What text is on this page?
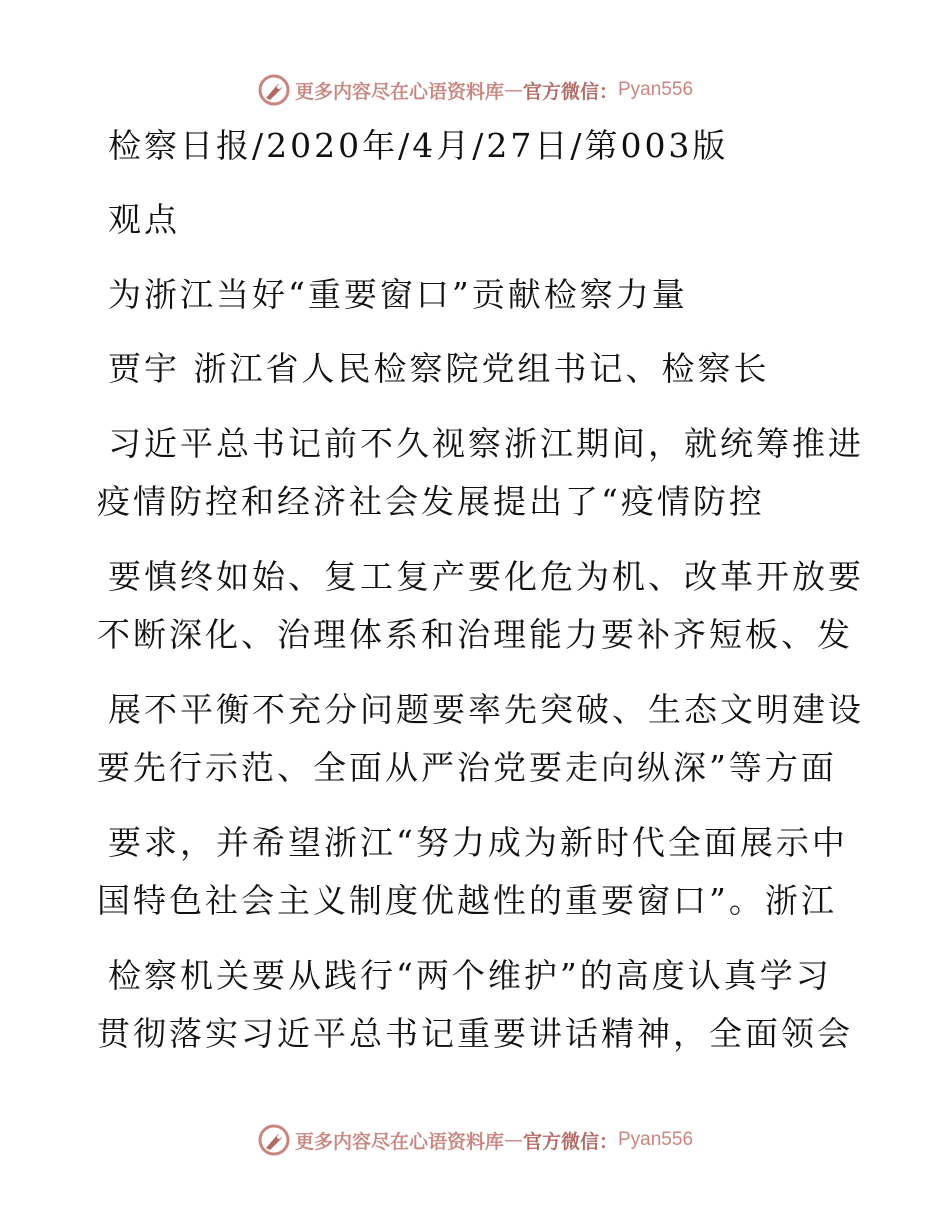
更多内容尽在心语资料库 — 官方微信： Pyan556
检察日报/2020年/4月/27日/第003版
观点
为浙江当好“重要窗口”贡献检察力量
贾宇 浙江省人民检察院党组书记、检察长
习近平总书记前不久视察浙江期间，就统筹推进
疫情防控和经济社会发展提出了“疫情防控
要慎终如始、复工复产要化危为机、改革开放要
不断深化、治理体系和治理能力要补齐短板、发
展不平衡不充分问题要率先突破、生态文明建设
要先行示范、全面从严治党要走向纵深”等方面
要求，并希望浙江“努力成为新时代全面展示中
国特色社会主义制度优越性的重要窗口”。浙江
检察机关要从践行“两个维护”的高度认真学习
贯彻落实习近平总书记重要讲话精神，全面领会
更多内容尽在心语资料库 — 官方微信： Pyan556
